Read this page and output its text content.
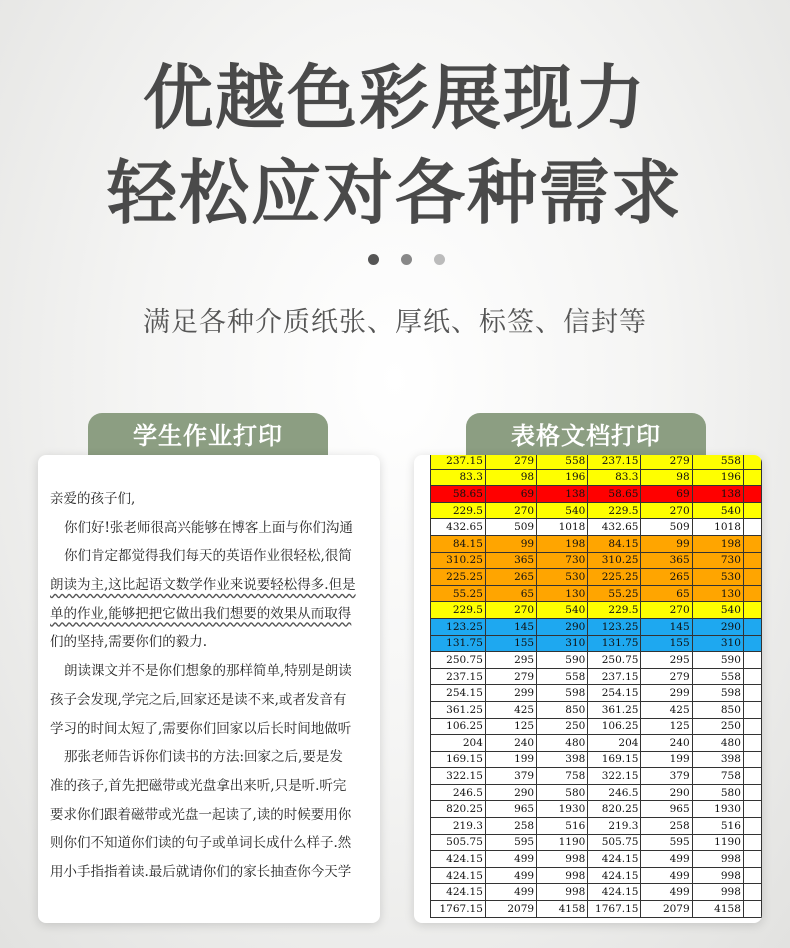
优越色彩展现力
轻松应对各种需求
满足各种介质纸张、厚纸、标签、信封等
学生作业打印	表格文档打印
亲爱的孩子们,
你们好!张老师很高兴能够在博客上面与你们沟通
你们肯定都觉得我们每天的英语作业很轻松,很简
朗读为主,这比起语文数学作业来说要轻松得多.但是
单的作业,能够把把它做出我们想要的效果从而取得
们的坚持,需要你们的毅力.
朗读课文并不是你们想象的那样简单,特别是朗读
孩子会发现,学完之后,回家还是读不来,或者发音有
学习的时间太短了,需要你们回家以后长时间地做听
那张老师告诉你们读书的方法:回家之后,要是发
准的孩子,首先把磁带或光盘拿出来听,只是听.听完
要求你们跟着磁带或光盘一起读了,读的时候要用你
则你们不知道你们读的句子或单词长成什么样子.然
用小手指指着读.最后就请你们的家长抽查你今天学
237.15	279	558	237.15	279	558	
83.3	98	196	83.3	98	196	
58.65	69	138	58.65	69	138	
229.5	270	540	229.5	270	540	
432.65	509	1018	432.65	509	1018	
84.15	99	198	84.15	99	198	
310.25	365	730	310.25	365	730	
225.25	265	530	225.25	265	530	
55.25	65	130	55.25	65	130	
229.5	270	540	229.5	270	540	
123.25	145	290	123.25	145	290	
131.75	155	310	131.75	155	310	
250.75	295	590	250.75	295	590	
237.15	279	558	237.15	279	558	
254.15	299	598	254.15	299	598	
361.25	425	850	361.25	425	850	
106.25	125	250	106.25	125	250	
204	240	480	204	240	480	
169.15	199	398	169.15	199	398	
322.15	379	758	322.15	379	758	
246.5	290	580	246.5	290	580	
820.25	965	1930	820.25	965	1930	
219.3	258	516	219.3	258	516	
505.75	595	1190	505.75	595	1190	
424.15	499	998	424.15	499	998	
424.15	499	998	424.15	499	998	
424.15	499	998	424.15	499	998	
1767.15	2079	4158	1767.15	2079	4158	
